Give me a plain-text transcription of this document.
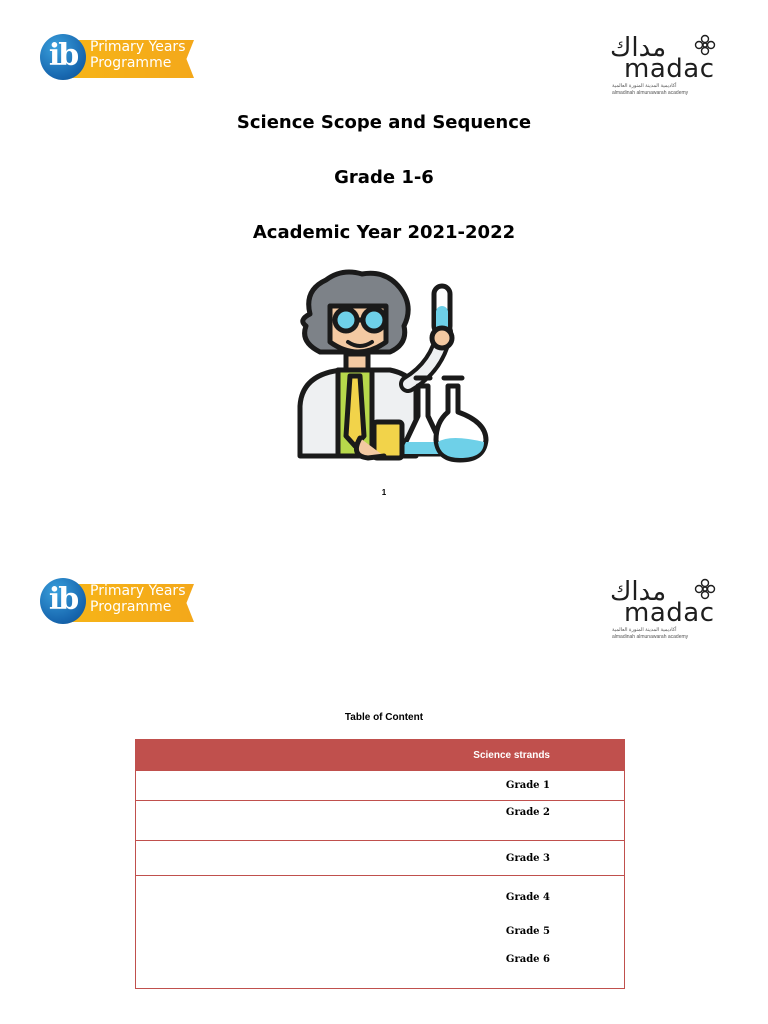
ib Primary Years
Programme	مداك
madac
أكاديمية المدينة المنورة العالمية
almadinah almunawarah academy
Science Scope and Sequence
Grade 1-6
Academic Year 2021-2022
1
ib Primary Years
Programme	مداك
madac
أكاديمية المدينة المنورة العالمية
almadinah almunawarah academy
Table of Content
Science strands
Grade 1
Grade 2
Grade 3
Grade 4
Grade 5
Grade 6
